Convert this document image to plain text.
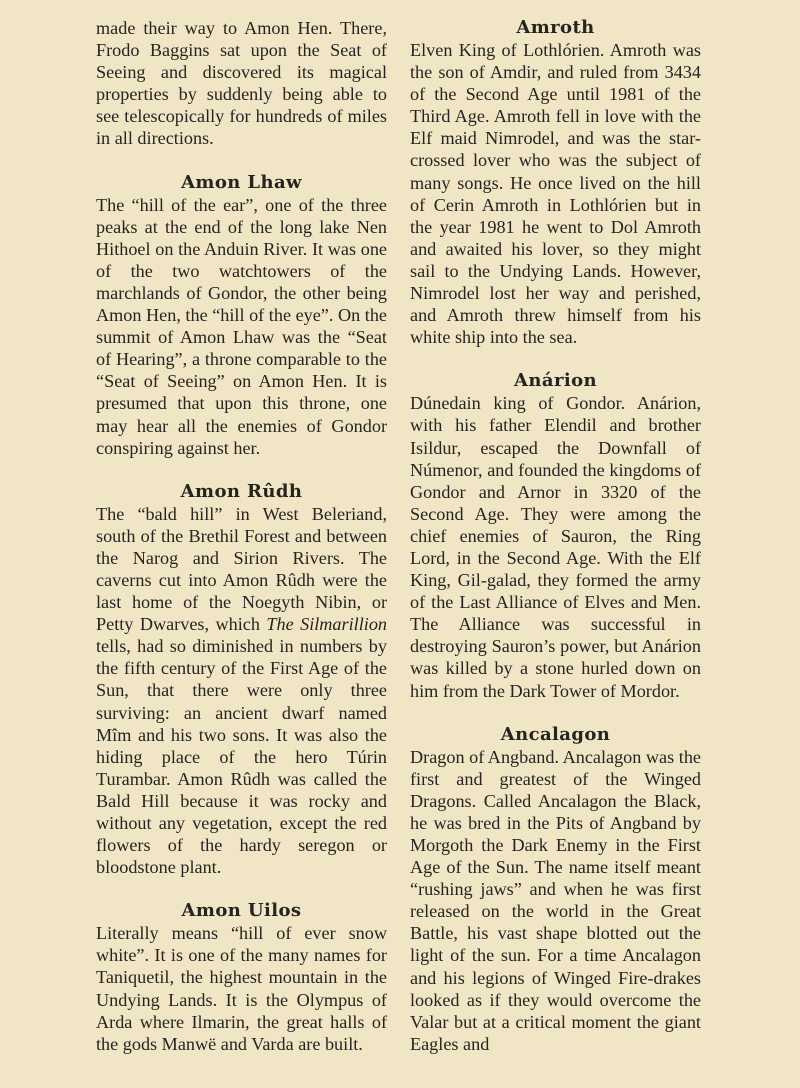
made their way to Amon Hen. There, Frodo Baggins sat upon the Seat of Seeing and discovered its magical properties by suddenly being able to see telescopically for hundreds of miles in all directions.

Amon Lhaw

The “hill of the ear”, one of the three peaks at the end of the long lake Nen Hithoel on the Anduin River. It was one of the two watchtowers of the marchlands of Gondor, the other being Amon Hen, the “hill of the eye”. On the summit of Amon Lhaw was the “Seat of Hearing”, a throne comparable to the “Seat of Seeing” on Amon Hen. It is presumed that upon this throne, one may hear all the enemies of Gondor conspiring against her.

Amon Rûdh

The “bald hill” in West Beleriand, south of the Brethil Forest and between the Narog and Sirion Rivers. The caverns cut into Amon Rûdh were the last home of the Noegyth Nibin, or Petty Dwarves, which The Silmarillion tells, had so diminished in numbers by the fifth century of the First Age of the Sun, that there were only three surviving: an ancient dwarf named Mîm and his two sons. It was also the hiding place of the hero Túrin Turambar. Amon Rûdh was called the Bald Hill because it was rocky and without any vegetation, except the red flowers of the hardy seregon or bloodstone plant.

Amon Uilos

Literally means “hill of ever snow white”. It is one of the many names for Taniquetil, the highest mountain in the Undying Lands. It is the Olympus of Arda where Ilmarin, the great halls of the gods Manwë and Varda are built.

Amroth

Elven King of Lothlórien. Amroth was the son of Amdir, and ruled from 3434 of the Second Age until 1981 of the Third Age. Amroth fell in love with the Elf maid Nimrodel, and was the star-crossed lover who was the subject of many songs. He once lived on the hill of Cerin Amroth in Lothlórien but in the year 1981 he went to Dol Amroth and awaited his lover, so they might sail to the Undying Lands. However, Nimrodel lost her way and perished, and Amroth threw himself from his white ship into the sea.

Anárion

Dúnedain king of Gondor. Anárion, with his father Elendil and brother Isildur, escaped the Downfall of Númenor, and founded the kingdoms of Gondor and Arnor in 3320 of the Second Age. They were among the chief enemies of Sauron, the Ring Lord, in the Second Age. With the Elf King, Gil-galad, they formed the army of the Last Alliance of Elves and Men. The Alliance was successful in destroying Sauron’s power, but Anárion was killed by a stone hurled down on him from the Dark Tower of Mordor.

Ancalagon

Dragon of Angband. Ancalagon was the first and greatest of the Winged Dragons. Called Ancalagon the Black, he was bred in the Pits of Angband by Morgoth the Dark Enemy in the First Age of the Sun. The name itself meant “rushing jaws” and when he was first released on the world in the Great Battle, his vast shape blotted out the light of the sun. For a time Ancalagon and his legions of Winged Fire-drakes looked as if they would overcome the Valar but at a critical moment the giant Eagles and
